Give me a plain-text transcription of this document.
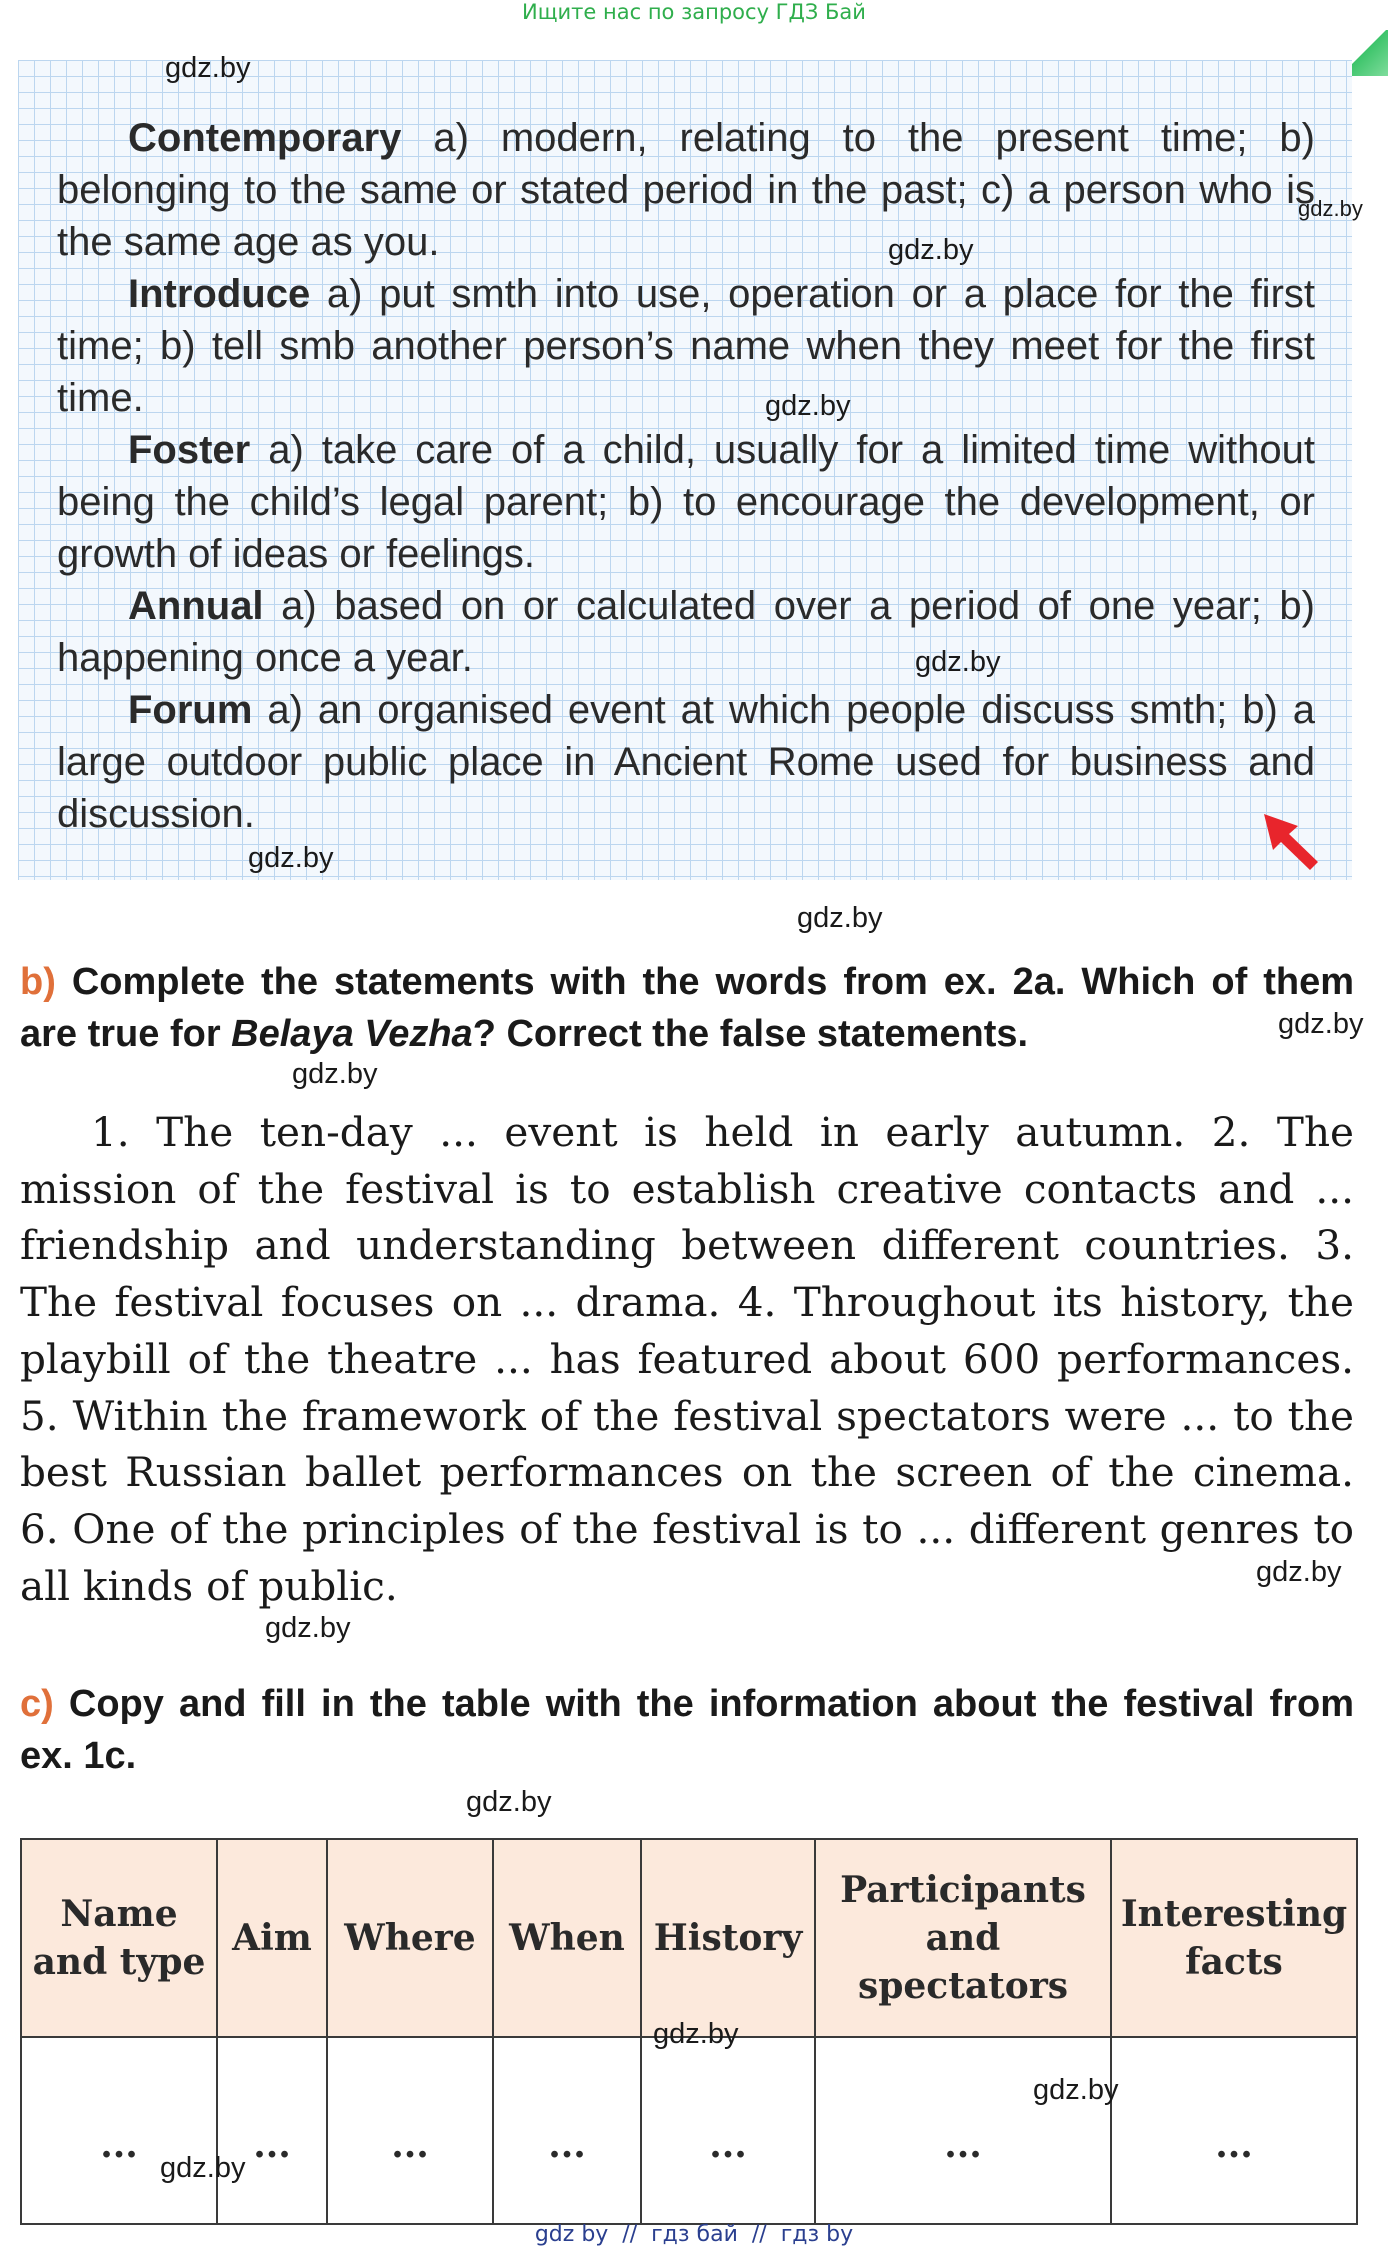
Ищите нас по запросу ГДЗ Бай

Contemporary a) modern, relating to the present time; b) belonging to the same or stated period in the past; c) a person who is the same age as you.

Introduce a) put smth into use, operation or a place for the first time; b) tell smb another person’s name when they meet for the first time.

Foster a) take care of a child, usually for a limited time without being the child’s legal parent; b) to encourage the development, or growth of ideas or feelings.

Annual a) based on or calculated over a period of one year; b) happening once a year.

Forum a) an organised event at which people discuss smth; b) a large outdoor public place in Ancient Rome used for business and discussion.

gdz.by
gdz.by
gdz.by
gdz.by
gdz.by
gdz.by
gdz.by
gdz.by
gdz.by
gdz.by
gdz.by
gdz.by
gdz.by
gdz.by
gdz.by
b) Complete the statements with the words from ex. 2a. Which of them are true for Belaya Vezha? Correct the false statements.

1. The ten-day ... event is held in early autumn. 2. The mission of the festival is to establish creative contacts and ... friendship and understanding between different countries. 3. The festival focuses on ... drama. 4. Throughout its history, the playbill of the theatre ... has featured about 600 performances. 5. Within the framework of the festival spectators were ... to the best Russian ballet performances on the screen of the cinema. 6. One of the principles of the festival is to ... different genres to all kinds of public.

c) Copy and fill in the table with the information about the festival from ex. 1c.
Name and type	Aim	Where	When	History	Participants and spectators	Interesting facts
...	...	...	...	...	...	...
gdz by  //  гдз бай  //  гдз by
